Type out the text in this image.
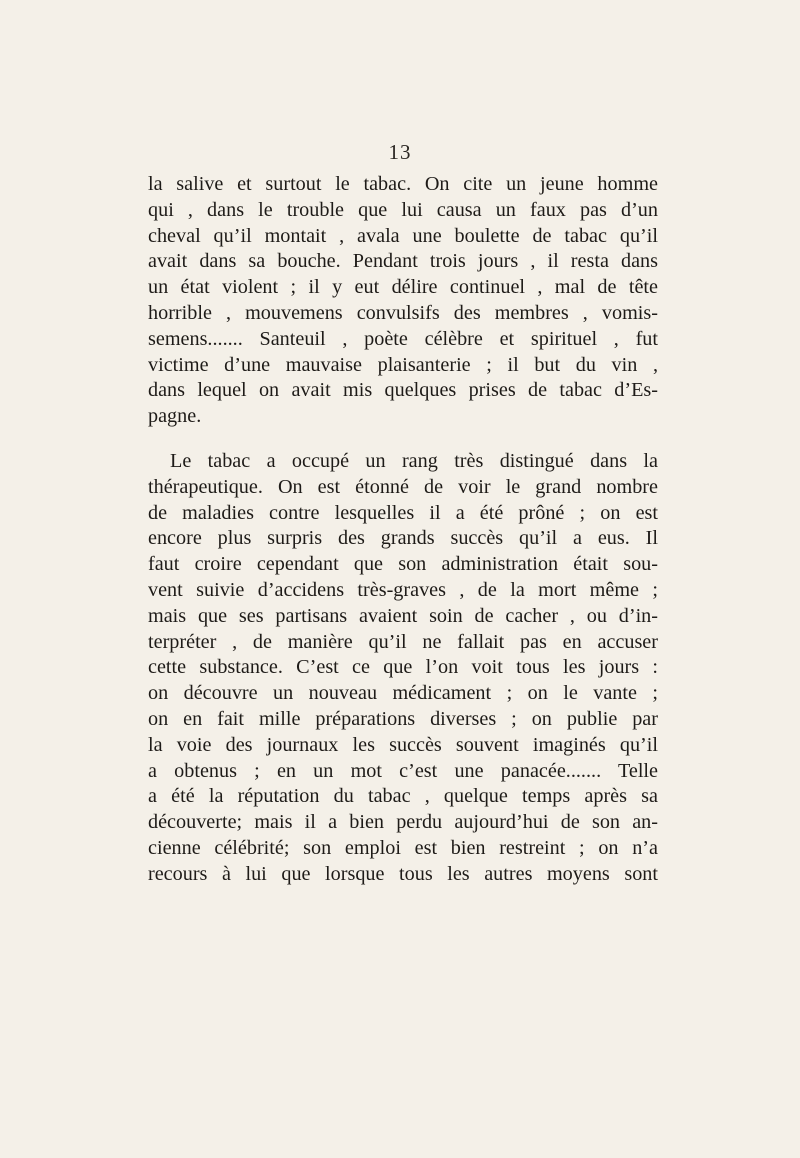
13
la salive et surtout le tabac. On cite un jeune homme
qui , dans le trouble que lui causa un faux pas d’un
cheval qu’il montait , avala une boulette de tabac qu’il
avait dans sa bouche. Pendant trois jours , il resta dans
un état violent ; il y eut délire continuel , mal de tête
horrible , mouvemens convulsifs des membres , vomis-
semens....... Santeuil , poète célèbre et spirituel , fut
victime d’une mauvaise plaisanterie ; il but du vin ,
dans lequel on avait mis quelques prises de tabac d’Es-
pagne.
Le tabac a occupé un rang très distingué dans la
thérapeutique. On est étonné de voir le grand nombre
de maladies contre lesquelles il a été prôné ; on est
encore plus surpris des grands succès qu’il a eus. Il
faut croire cependant que son administration était sou-
vent suivie d’accidens très-graves , de la mort même ;
mais que ses partisans avaient soin de cacher , ou d’in-
terpréter , de manière qu’il ne fallait pas en accuser
cette substance. C’est ce que l’on voit tous les jours :
on découvre un nouveau médicament ; on le vante ;
on en fait mille préparations diverses ; on publie par
la voie des journaux les succès souvent imaginés qu’il
a obtenus ; en un mot c’est une panacée....... Telle
a été la réputation du tabac , quelque temps après sa
découverte; mais il a bien perdu aujourd’hui de son an-
cienne célébrité; son emploi est bien restreint ; on n’a
recours à lui que lorsque tous les autres moyens sont
